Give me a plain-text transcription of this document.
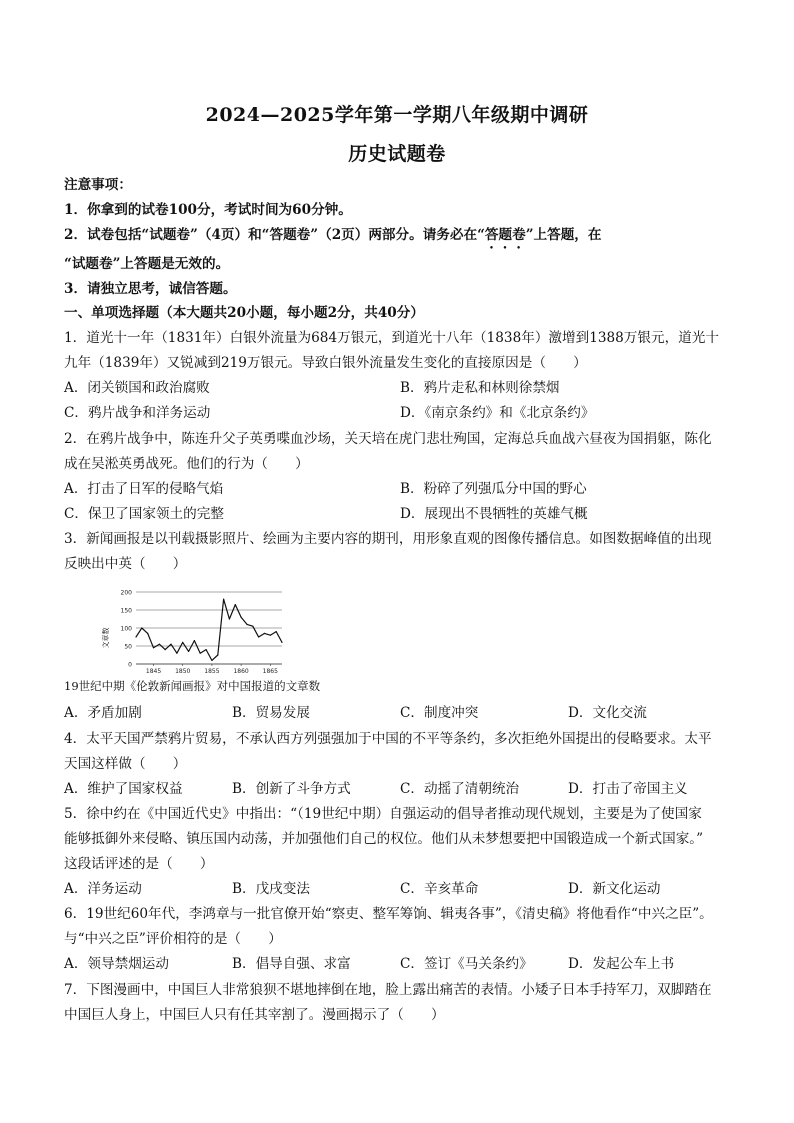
2024—2025学年第一学期八年级期中调研
历史试题卷
注意事项：
1．你拿到的试卷100分，考试时间为60分钟。
2．试卷包括“试题卷”（4页）和“答题卷”（2页）两部分。请务必在“答题卷”上答题，在
“试题卷”上答题是无效的。
3．请独立思考，诚信答题。
一、单项选择题（本大题共20小题，每小题2分，共40分）
1．道光十一年（1831年）白银外流量为684万银元，到道光十八年（1838年）激增到1388万银元，道光十
九年（1839年）又锐减到219万银元。导致白银外流量发生变化的直接原因是（　　）
A．闭关锁国和政治腐败	B．鸦片走私和林则徐禁烟
C．鸦片战争和洋务运动	D．《南京条约》和《北京条约》
2．在鸦片战争中，陈连升父子英勇喋血沙场，关天培在虎门悲壮殉国，定海总兵血战六昼夜为国捐躯，陈化
成在吴淞英勇战死。他们的行为（　　）
A．打击了日军的侵略气焰	B．粉碎了列强瓜分中国的野心
C．保卫了国家领土的完整	D．展现出不畏牺牲的英雄气概
3．新闻画报是以刊载摄影照片、绘画为主要内容的期刊，用形象直观的图像传播信息。如图数据峰值的出现
反映出中英（　　）
文章数
0
50
100
150
200
1845 1850 1855 1860 1865
19世纪中期《伦敦新闻画报》对中国报道的文章数
A．矛盾加剧	B．贸易发展	C．制度冲突	D．文化交流
4．太平天国严禁鸦片贸易，不承认西方列强强加于中国的不平等条约，多次拒绝外国提出的侵略要求。太平
天国这样做（　　）
A．维护了国家权益	B．创新了斗争方式	C．动摇了清朝统治	D．打击了帝国主义
5．徐中约在《中国近代史》中指出：“（19世纪中期）自强运动的倡导者推动现代规划，主要是为了使国家
能够抵御外来侵略、镇压国内动荡，并加强他们自己的权位。他们从未梦想要把中国锻造成一个新式国家。”
这段话评述的是（　　）
A．洋务运动	B．戊戌变法	C．辛亥革命	D．新文化运动
6．19世纪60年代，李鸿章与一批官僚开始“察吏、整军筹饷、辑夷各事”，《清史稿》将他看作“中兴之臣”。
与“中兴之臣”评价相符的是（　　）
A．领导禁烟运动	B．倡导自强、求富	C．签订《马关条约》	D．发起公车上书
7．下图漫画中，中国巨人非常狼狈不堪地摔倒在地，脸上露出痛苦的表情。小矮子日本手持军刀，双脚踏在
中国巨人身上，中国巨人只有任其宰割了。漫画揭示了（　　）
